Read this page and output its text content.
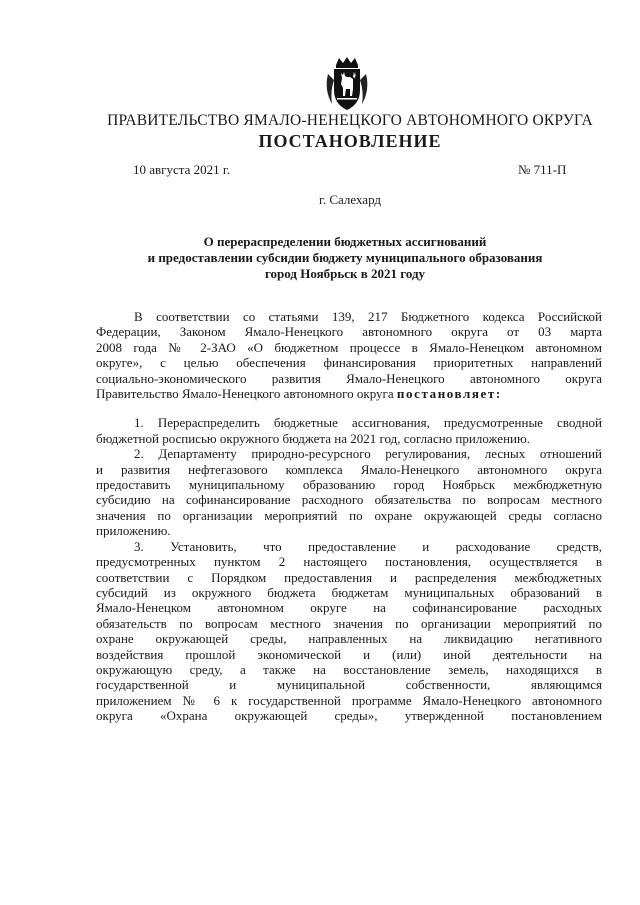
ПРАВИТЕЛЬСТВО ЯМАЛО-НЕНЕЦКОГО АВТОНОМНОГО ОКРУГА
ПОСТАНОВЛЕНИЕ
10 августа 2021 г.	№ 711-П
г. Салехард
О перераспределении бюджетных ассигнований
и предоставлении субсидии бюджету муниципального образования
город Ноябрьск в 2021 году
В соответствии со статьями 139, 217 Бюджетного кодекса Российской
Федерации, Законом Ямало-Ненецкого автономного округа от 03 марта
2008 года № 2-ЗАО «О бюджетном процессе в Ямало-Ненецком автономном
округе», с целью обеспечения финансирования приоритетных направлений
социально-экономического развития Ямало-Ненецкого автономного округа
Правительство Ямало-Ненецкого автономного округа постановляет:
1. Перераспределить бюджетные ассигнования, предусмотренные сводной
бюджетной росписью окружного бюджета на 2021 год, согласно приложению.
2. Департаменту природно-ресурсного регулирования, лесных отношений
и развития нефтегазового комплекса Ямало-Ненецкого автономного округа
предоставить муниципальному образованию город Ноябрьск межбюджетную
субсидию на софинансирование расходного обязательства по вопросам местного
значения по организации мероприятий по охране окружающей среды согласно
приложению.
3. Установить, что предоставление и расходование средств,
предусмотренных пунктом 2 настоящего постановления, осуществляется в
соответствии с Порядком предоставления и распределения межбюджетных
субсидий из окружного бюджета бюджетам муниципальных образований в
Ямало-Ненецком автономном округе на софинансирование расходных
обязательств по вопросам местного значения по организации мероприятий по
охране окружающей среды, направленных на ликвидацию негативного
воздействия прошлой экономической и (или) иной деятельности на
окружающую среду, а также на восстановление земель, находящихся в
государственной и муниципальной собственности, являющимся
приложением № 6 к государственной программе Ямало-Ненецкого автономного
округа «Охрана окружающей среды», утвержденной постановлением
